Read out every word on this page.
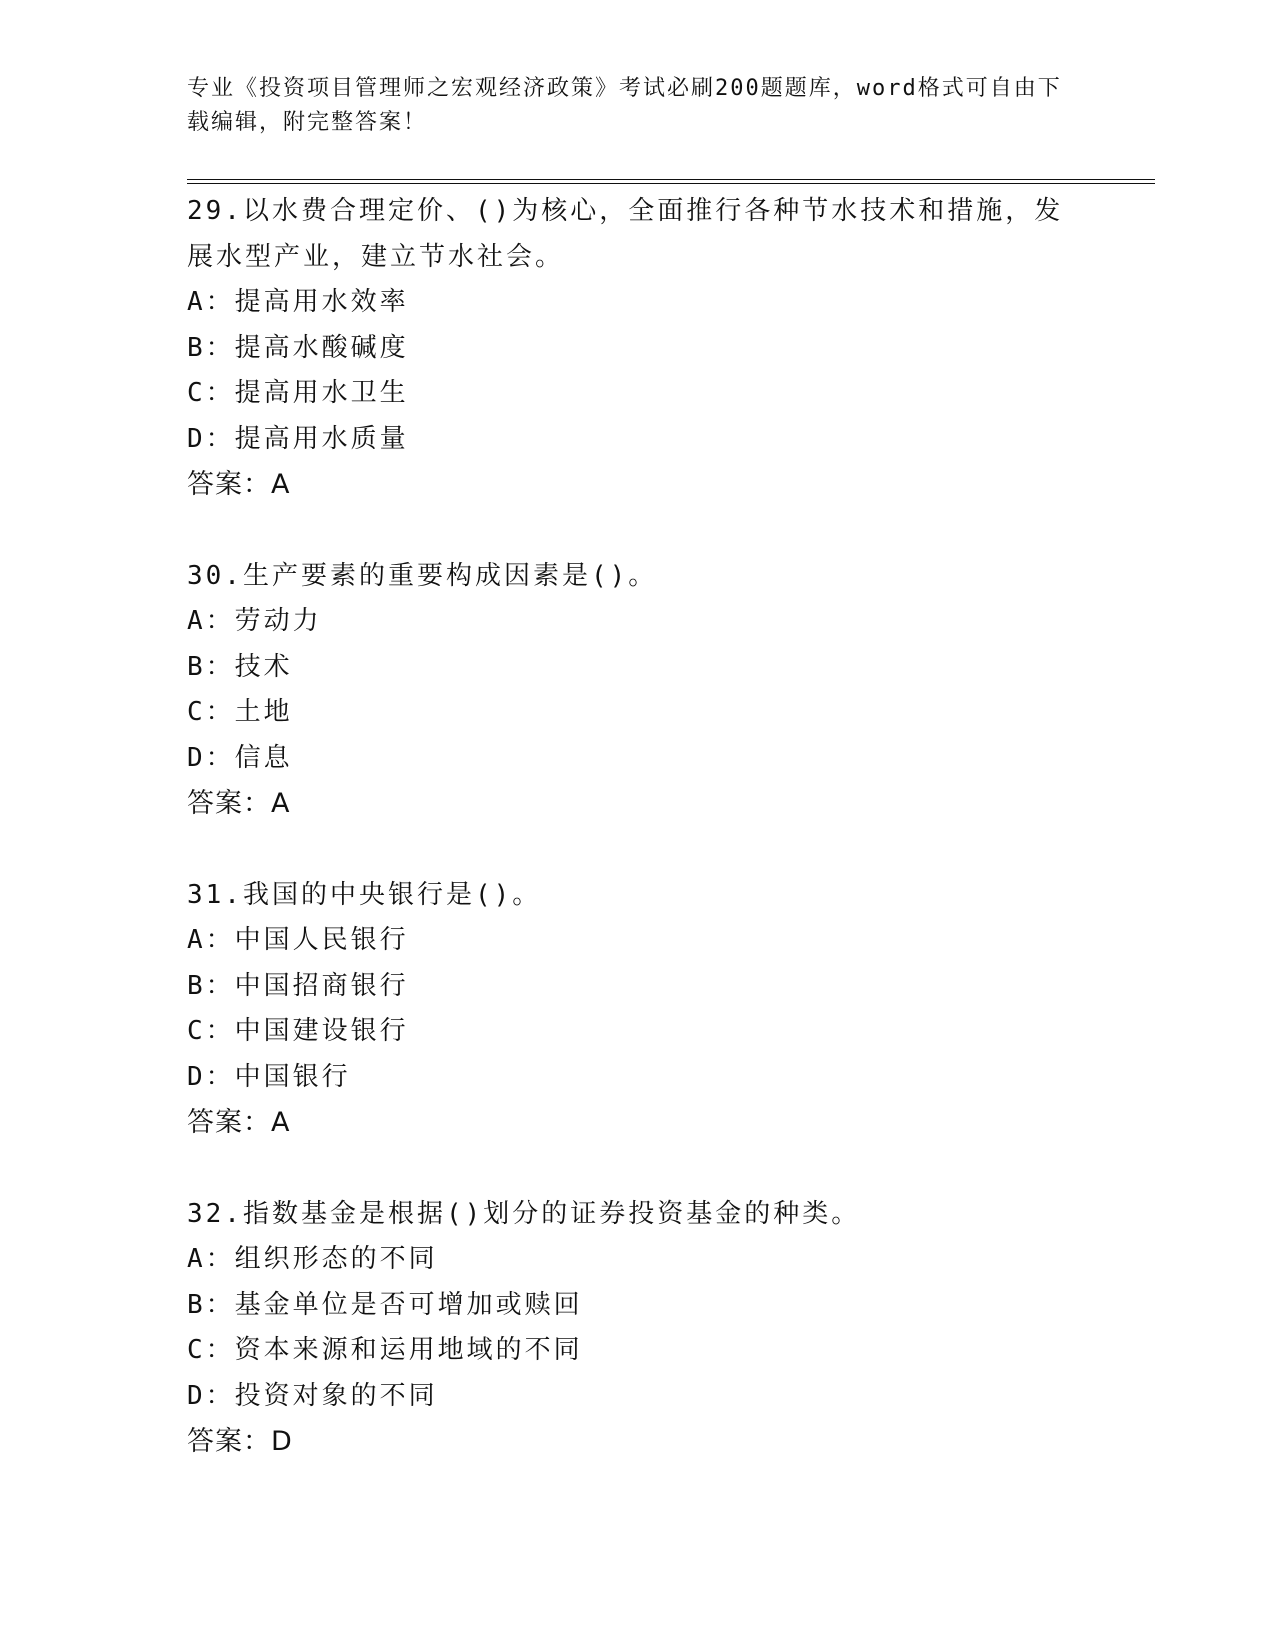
专业《投资项目管理师之宏观经济政策》考试必刷200题题库，word格式可自由下载编辑，附完整答案！
29.以水费合理定价、()为核心，全面推行各种节水技术和措施，发展水型产业，建立节水社会。
A：提高用水效率
B：提高水酸碱度
C：提高用水卫生
D：提高用水质量
答案：A
30.生产要素的重要构成因素是()。
A：劳动力
B：技术
C：土地
D：信息
答案：A
31.我国的中央银行是()。
A：中国人民银行
B：中国招商银行
C：中国建设银行
D：中国银行
答案：A
32.指数基金是根据()划分的证券投资基金的种类。
A：组织形态的不同
B：基金单位是否可增加或赎回
C：资本来源和运用地域的不同
D：投资对象的不同
答案：D
